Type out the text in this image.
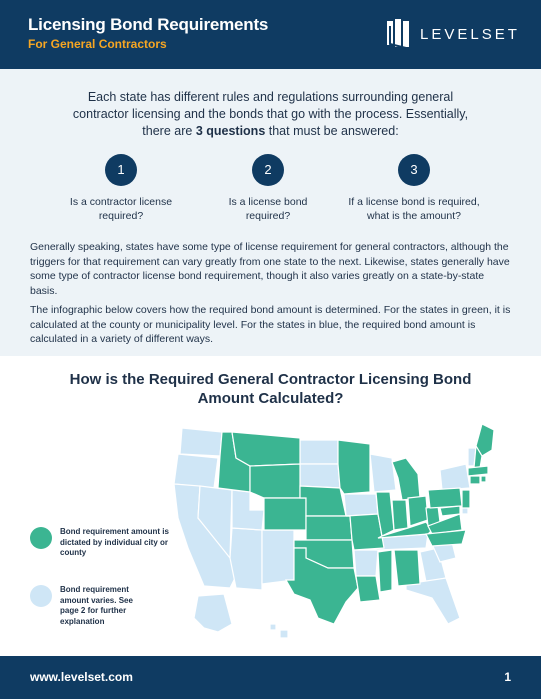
Licensing Bond Requirements
For General Contractors
LEVELSET

Each state has different rules and regulations surrounding general contractor licensing and the bonds that go with the process. Essentially, there are 3 questions that must be answered:

1
Is a contractor license required?
2
Is a license bond required?
3
If a license bond is required, what is the amount?

Generally speaking, states have some type of license requirement for general contractors, although the triggers for that requirement can vary greatly from one state to the next. Likewise, states generally have some type of contractor license bond requirement, though it also varies greatly on a state-by-state basis.

The infographic below covers how the required bond amount is determined. For the states in green, it is calculated at the county or municipality level. For the states in blue, the required bond amount is calculated in a variety of different ways.

How is the Required General Contractor Licensing Bond Amount Calculated?
Bond requirement amount is dictated by individual city or county
Bond requirement amount varies. See page 2 for further explanation
www.levelset.com	1
